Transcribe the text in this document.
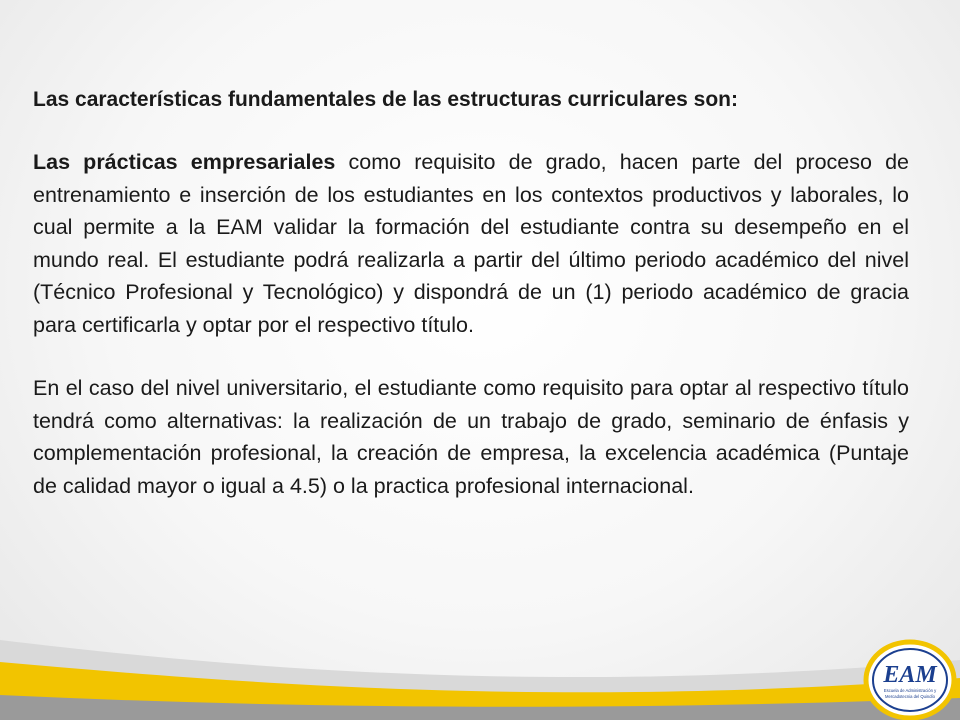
Las características fundamentales de las estructuras curriculares son:

Las prácticas empresariales como requisito de grado, hacen parte del proceso de entrenamiento e inserción de los estudiantes en los contextos productivos y laborales, lo cual permite a la EAM validar la formación del estudiante contra su desempeño en el mundo real. El estudiante podrá realizarla a partir del último periodo académico del nivel (Técnico Profesional y Tecnológico) y dispondrá de un (1) periodo académico de gracia para certificarla y optar por el respectivo título.

En el caso del nivel universitario, el estudiante como requisito para optar al respectivo título tendrá como alternativas: la realización de un trabajo de grado, seminario de énfasis y complementación profesional, la creación de empresa, la excelencia académica (Puntaje de calidad mayor o igual a 4.5) o la practica profesional internacional.

EAM
Escuela de Administración y
Mercadotecnia del Quindío
